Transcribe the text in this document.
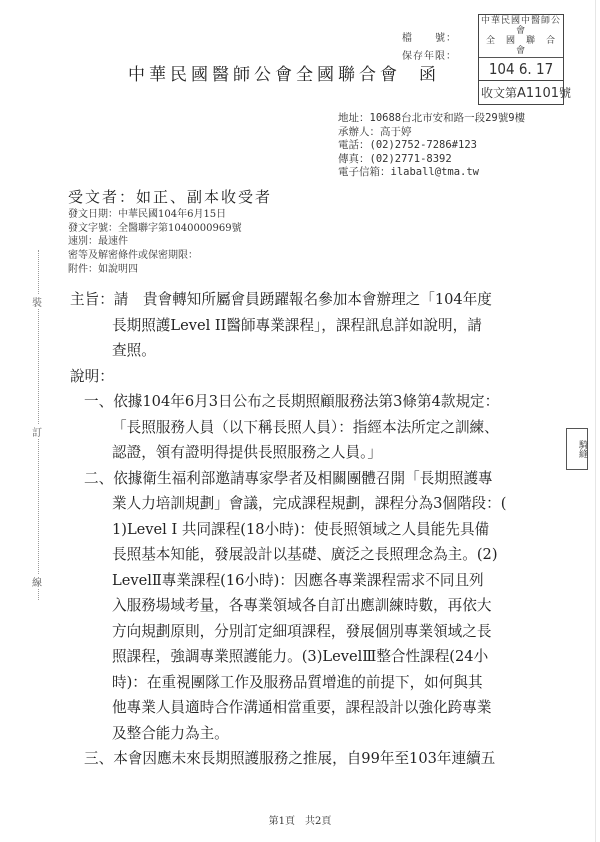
裝
訂
線
檔　　號：
保存年限：
中華民國醫師公會全國聯合會 函
中華民國中醫師公會
全　國　聯　合　會
104 6. 17
收文第A1101號
地址：10688台北市安和路一段29號9樓
承辦人：高于婷
電話：(02)2752-7286#123
傳真：(02)2771-8392
電子信箱：ilaball@tma.tw
受文者：如正、副本收受者
發文日期：中華民國104年6月15日
發文字號：全醫聯字第1040000969號
速別：最速件
密等及解密條件或保密期限：
附件：如說明四
主旨：請　貴會轉知所屬會員踴躍報名參加本會辦理之「104年度
長期照護Level II醫師專業課程」，課程訊息詳如說明，請
查照。
說明：
一、依據104年6月3日公布之長期照顧服務法第3條第4款規定：
「長照服務人員（以下稱長照人員）：指經本法所定之訓練、
認證，領有證明得提供長照服務之人員。」
二、依據衛生福利部邀請專家學者及相關團體召開「長期照護專
業人力培訓規劃」會議，完成課程規劃，課程分為3個階段：(
1)Level I 共同課程(18小時)：使長照領域之人員能先具備
長照基本知能，發展設計以基礎、廣泛之長照理念為主。(2)
LevelⅡ專業課程(16小時)：因應各專業課程需求不同且列
入服務場域考量，各專業領域各自訂出應訓練時數，再依大
方向規劃原則，分別訂定細項課程，發展個別專業領域之長
照課程，強調專業照護能力。(3)LevelⅢ整合性課程(24小
時)：在重視團隊工作及服務品質增進的前提下，如何與其
他專業人員適時合作溝通相當重要，課程設計以強化跨專業
及整合能力為主。
三、本會因應未來長期照護服務之推展，自99年至103年連續五
騎縫
第1頁　共2頁
